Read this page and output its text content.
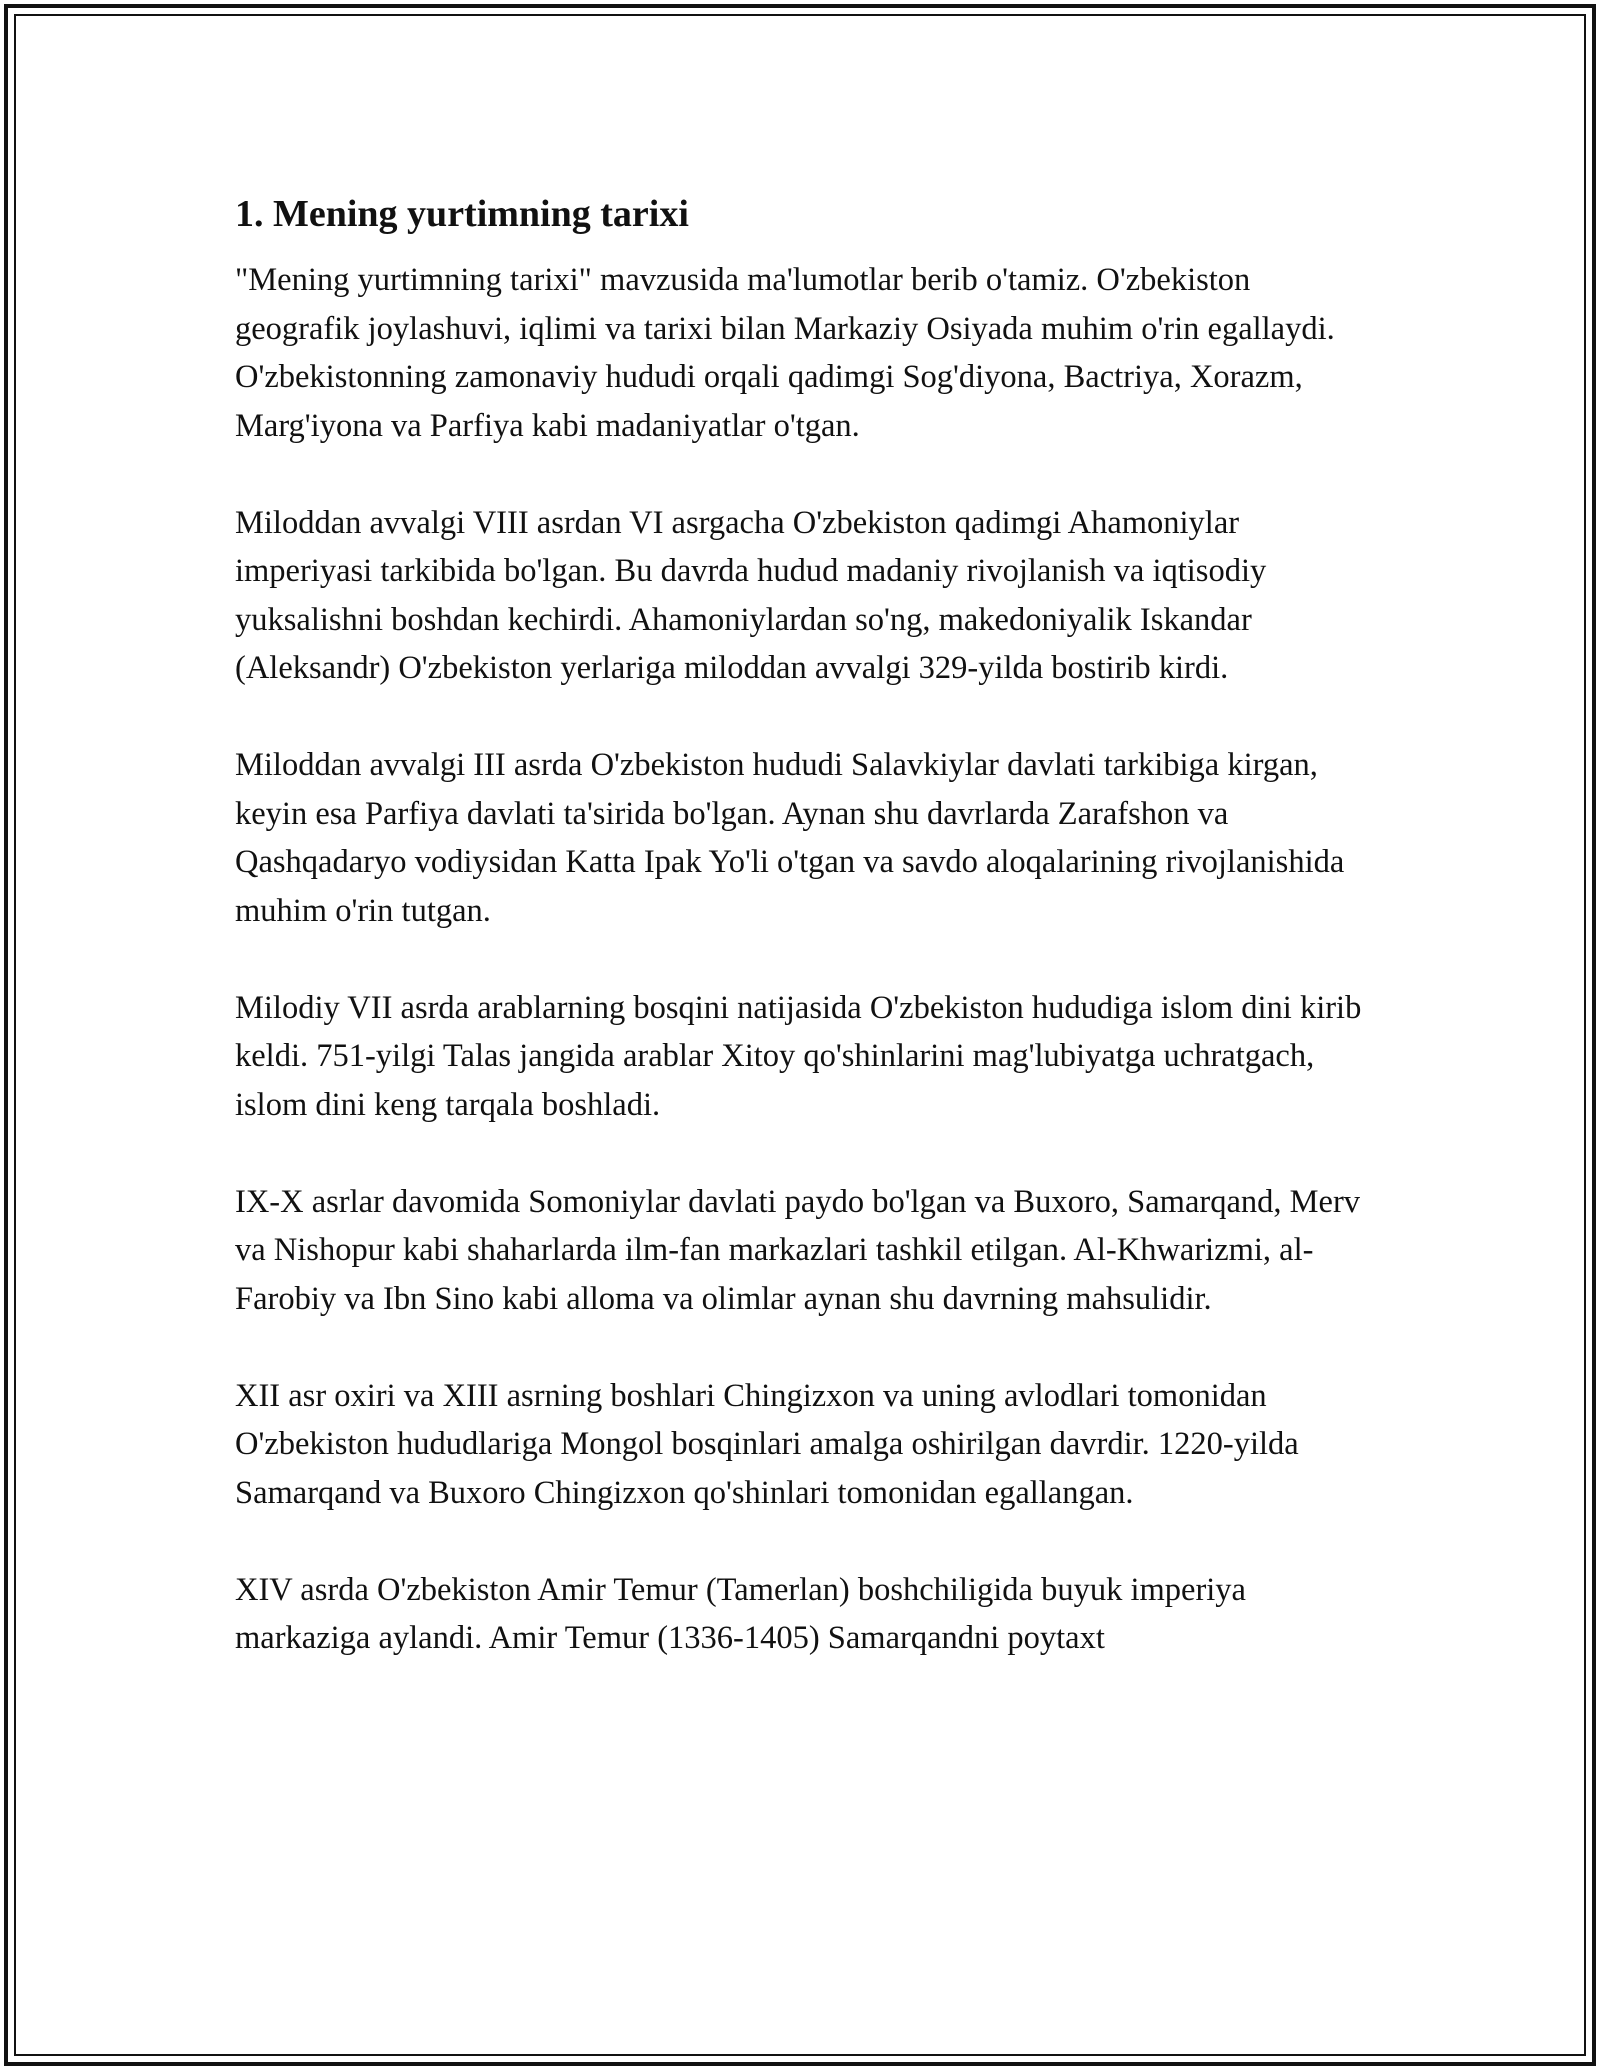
1. Mening yurtimning tarixi

"Mening yurtimning tarixi" mavzusida ma'lumotlar berib o'tamiz. O'zbekiston geografik joylashuvi, iqlimi va tarixi bilan Markaziy Osiyada muhim o'rin egallaydi. O'zbekistonning zamonaviy hududi orqali qadimgi Sog'diyona, Bactriya, Xorazm, Marg'iyona va Parfiya kabi madaniyatlar o'tgan.

Miloddan avvalgi VIII asrdan VI asrgacha O'zbekiston qadimgi Ahamoniylar imperiyasi tarkibida bo'lgan. Bu davrda hudud madaniy rivojlanish va iqtisodiy yuksalishni boshdan kechirdi. Ahamoniylardan so'ng, makedoniyalik Iskandar (Aleksandr) O'zbekiston yerlariga miloddan avvalgi 329-yilda bostirib kirdi.

Miloddan avvalgi III asrda O'zbekiston hududi Salavkiylar davlati tarkibiga kirgan, keyin esa Parfiya davlati ta'sirida bo'lgan. Aynan shu davrlarda Zarafshon va Qashqadaryo vodiysidan Katta Ipak Yo'li o'tgan va savdo aloqalarining rivojlanishida muhim o'rin tutgan.

Milodiy VII asrda arablarning bosqini natijasida O'zbekiston hududiga islom dini kirib keldi. 751-yilgi Talas jangida arablar Xitoy qo'shinlarini mag'lubiyatga uchratgach, islom dini keng tarqala boshladi.

IX-X asrlar davomida Somoniylar davlati paydo bo'lgan va Buxoro, Samarqand, Merv va Nishopur kabi shaharlarda ilm-fan markazlari tashkil etilgan. Al-Khwarizmi, al-Farobiy va Ibn Sino kabi alloma va olimlar aynan shu davrning mahsulidir.

XII asr oxiri va XIII asrning boshlari Chingizxon va uning avlodlari tomonidan O'zbekiston hududlariga Mongol bosqinlari amalga oshirilgan davrdir. 1220-yilda Samarqand va Buxoro Chingizxon qo'shinlari tomonidan egallangan.

XIV asrda O'zbekiston Amir Temur (Tamerlan) boshchiligida buyuk imperiya markaziga aylandi. Amir Temur (1336-1405) Samarqandni poytaxt
